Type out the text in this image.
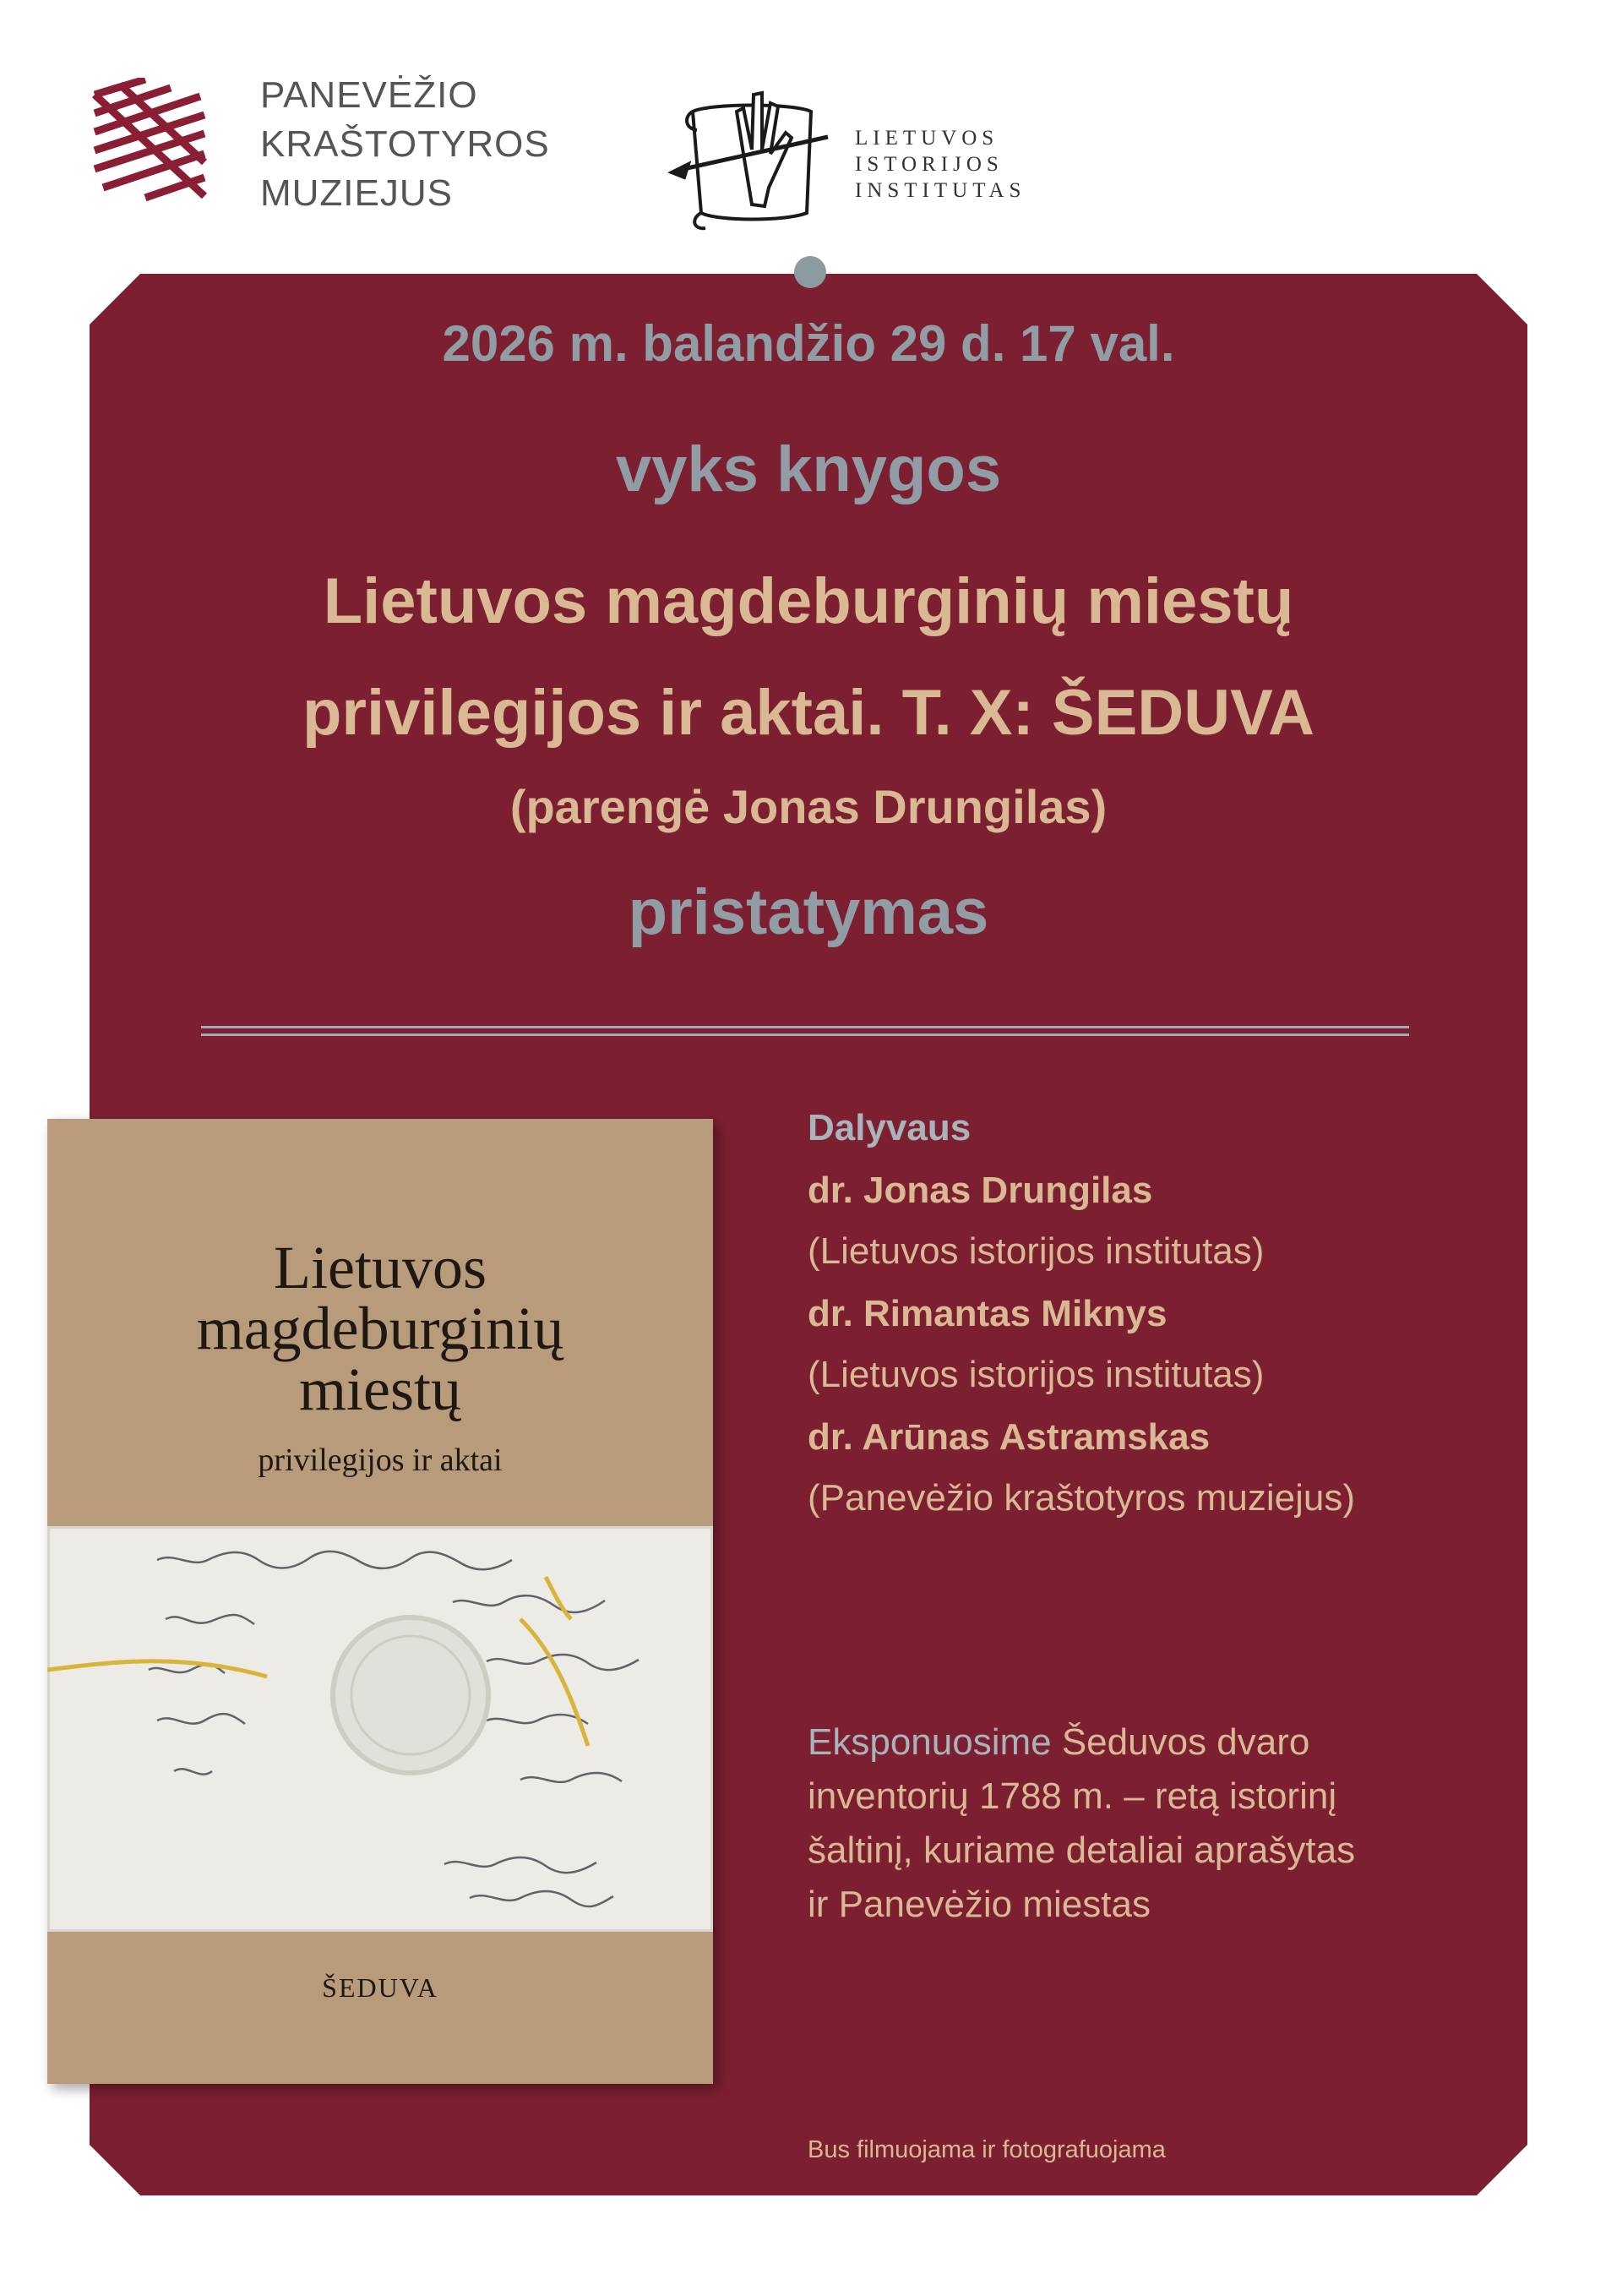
PANEVĖŽIO
KRAŠTOTYROS
MUZIEJUS
LIETUVOS
ISTORIJOS
INSTITUTAS
2026 m. balandžio 29 d. 17 val.
vyks knygos
Lietuvos magdeburginių miestų
privilegijos ir aktai. T. X: ŠEDUVA
(parengė Jonas Drungilas)
pristatymas
Lietuvos
magdeburginių
miestų
privilegijos ir aktai
ŠEDUVA
Dalyvaus
dr. Jonas Drungilas
(Lietuvos istorijos institutas)
dr. Rimantas Miknys
(Lietuvos istorijos institutas)
dr. Arūnas Astramskas
(Panevėžio kraštotyros muziejus)
Eksponuosime Šeduvos dvaro
inventorių 1788 m. – retą istorinį
šaltinį, kuriame detaliai aprašytas
ir Panevėžio miestas
Bus filmuojama ir fotografuojama
